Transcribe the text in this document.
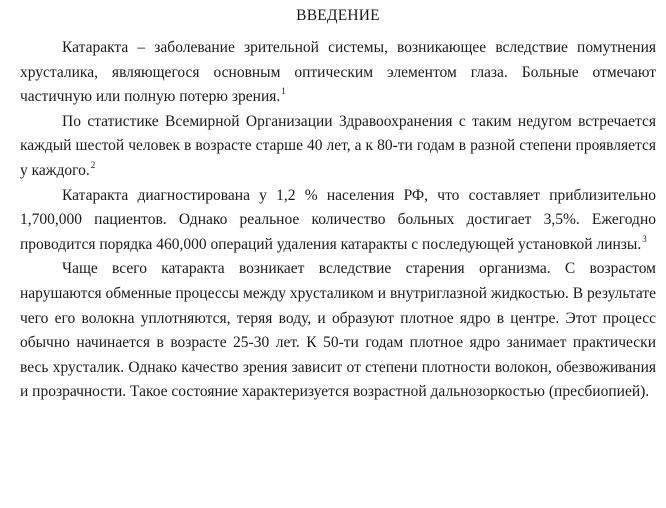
ВВЕДЕНИЕ

Катаракта – заболевание зрительной системы, возникающее вследствие помутнения хрусталика, являющегося основным оптическим элементом глаза. Больные отмечают частичную или полную потерю зрения.$^1$

По статистике Всемирной Организации Здравоохранения с таким недугом встречается каждый шестой человек в возрасте старше 40 лет, а к 80-ти годам в разной степени проявляется у каждого.$^2$

Катаракта диагностирована у 1,2 % населения РФ, что составляет приблизительно 1,700,000 пациентов. Однако реальное количество больных достигает 3,5%. Ежегодно проводится порядка 460,000 операций удаления катаракты с последующей установкой линзы.$^3$

Чаще всего катаракта возникает вследствие старения организма. С возрастом нарушаются обменные процессы между хрусталиком и внутриглазной жидкостью. В результате чего его волокна уплотняются, теряя воду, и образуют плотное ядро в центре. Этот процесс обычно начинается в возрасте 25-30 лет. К 50-ти годам плотное ядро занимает практически весь хрусталик. Однако качество зрения зависит от степени плотности волокон, обезвоживания и прозрачности. Такое состояние характеризуется возрастной дальнозоркостью (пресбиопией).
